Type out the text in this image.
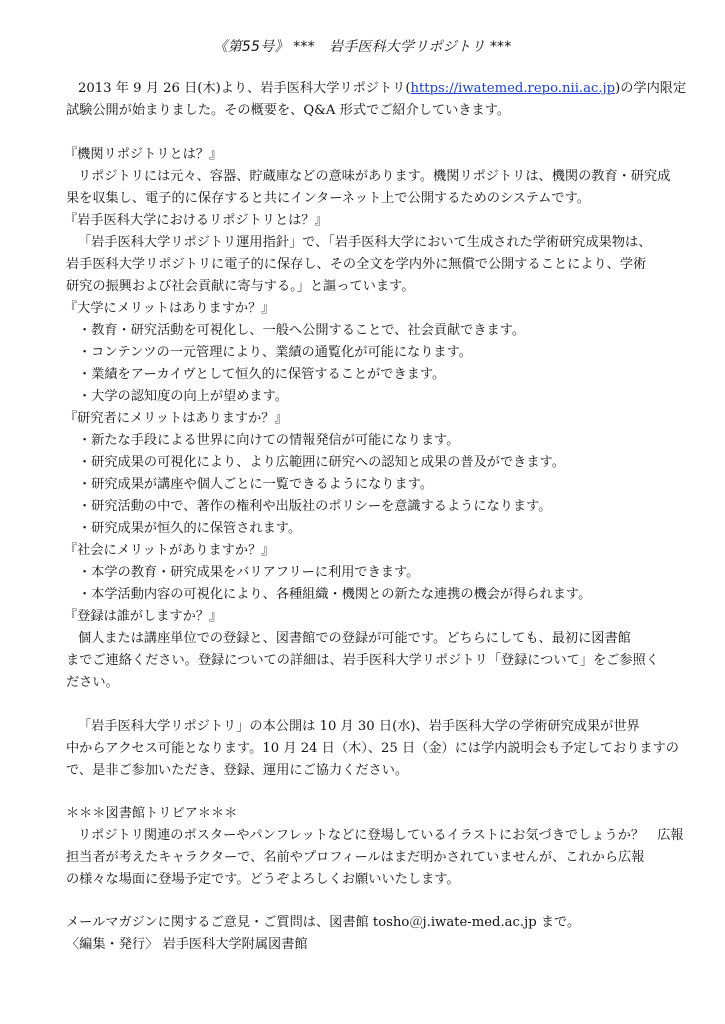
《第55号》 ***　岩手医科大学リポジトリ ***
2013 年 9 月 26 日(木)より、岩手医科大学リポジトリ(https://iwatemed.repo.nii.ac.jp)の学内限定
試験公開が始まりました。その概要を、Q&A 形式でご紹介していきます。
『機関リポジトリとは？』
リポジトリには元々、容器、貯蔵庫などの意味があります。機関リポジトリは、機関の教育・研究成
果を収集し、電子的に保存すると共にインターネット上で公開するためのシステムです。
『岩手医科大学におけるリポジトリとは？』
「岩手医科大学リポジトリ運用指針」で、「岩手医科大学において生成された学術研究成果物は、
岩手医科大学リポジトリに電子的に保存し、その全文を学内外に無償で公開することにより、学術
研究の振興および社会貢献に寄与する。」と謳っています。
『大学にメリットはありますか？』
・教育・研究活動を可視化し、一般へ公開することで、社会貢献できます。
・コンテンツの一元管理により、業績の通覧化が可能になります。
・業績をアーカイヴとして恒久的に保管することができます。
・大学の認知度の向上が望めます。
『研究者にメリットはありますか？』
・新たな手段による世界に向けての情報発信が可能になります。
・研究成果の可視化により、より広範囲に研究への認知と成果の普及ができます。
・研究成果が講座や個人ごとに一覧できるようになります。
・研究活動の中で、著作の権利や出版社のポリシーを意識するようになります。
・研究成果が恒久的に保管されます。
『社会にメリットがありますか？』
・本学の教育・研究成果をバリアフリーに利用できます。
・本学活動内容の可視化により、各種組織・機関との新たな連携の機会が得られます。
『登録は誰がしますか？』
個人または講座単位での登録と、図書館での登録が可能です。どちらにしても、最初に図書館
までご連絡ください。登録についての詳細は、岩手医科大学リポジトリ「登録について」をご参照く
ださい。
「岩手医科大学リポジトリ」の本公開は 10 月 30 日(水)、岩手医科大学の学術研究成果が世界
中からアクセス可能となります。10 月 24 日（木）、25 日（金）には学内説明会も予定しておりますの
で、是非ご参加いただき、登録、運用にご協力ください。
＊＊＊図書館トリビア＊＊＊
リポジトリ関連のポスターやパンフレットなどに登場しているイラストにお気づきでしょうか？　広報
担当者が考えたキャラクターで、名前やプロフィールはまだ明かされていませんが、これから広報
の様々な場面に登場予定です。どうぞよろしくお願いいたします。
メールマガジンに関するご意見・ご質問は、図書館 tosho＠j.iwate-med.ac.jp まで。
〈編集・発行〉 岩手医科大学附属図書館
